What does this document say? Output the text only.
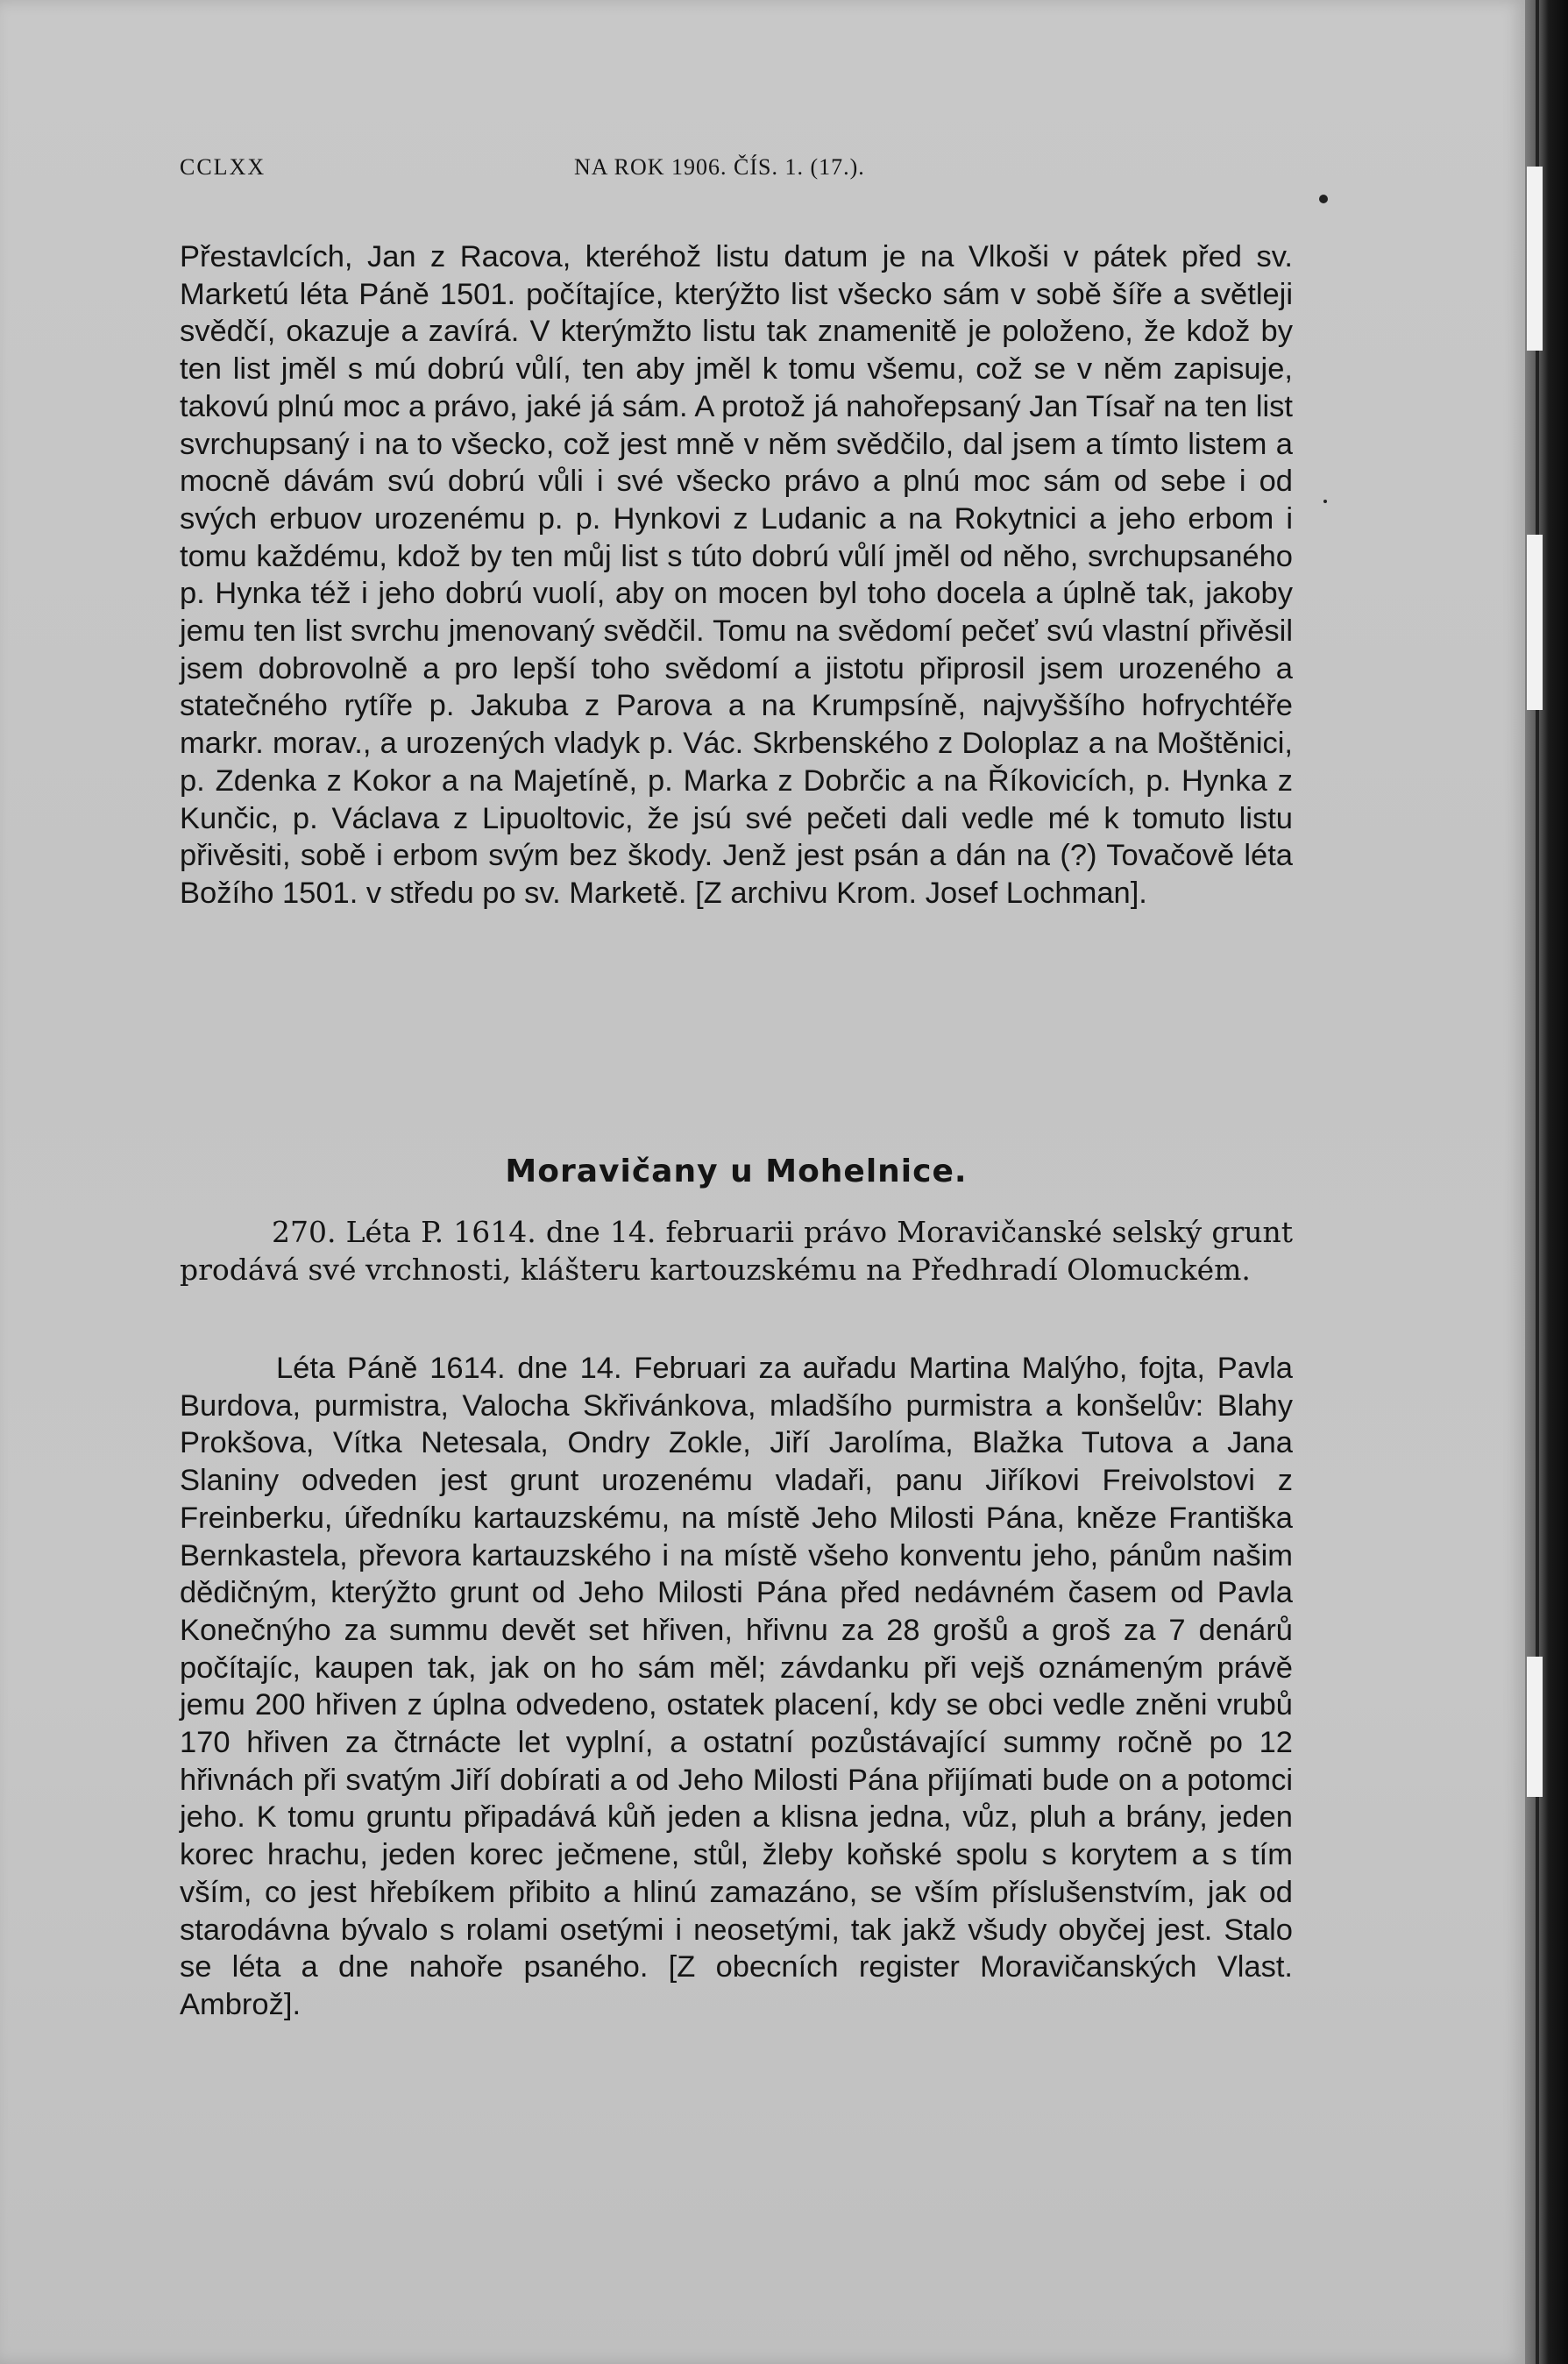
CCLXX	NA ROK 1906. ČÍS. 1. (17.).
Přestavlcích, Jan z Racova, kteréhož listu datum je na Vlkoši v pátek před sv. Marketú léta Páně 1501. počítajíce, kterýžto list všecko sám v sobě šíře a světleji svědčí, okazuje a zavírá. V kterýmžto listu tak znamenitě je položeno, že kdož by ten list jměl s mú dobrú vůlí, ten aby jměl k tomu všemu, což se v něm zapisuje, takovú plnú moc a právo, jaké já sám. A protož já nahořepsaný Jan Tísař na ten list svrchupsaný i na to všecko, což jest mně v něm svědčilo, dal jsem a tímto listem a mocně dávám svú dobrú vůli i své všecko právo a plnú moc sám od sebe i od svých erbuov urozenému p. p. Hynkovi z Ludanic a na Rokytnici a jeho erbom i tomu každému, kdož by ten můj list s túto dobrú vůlí jměl od něho, svrchupsaného p. Hynka též i jeho dobrú vuolí, aby on mocen byl toho docela a úplně tak, jakoby jemu ten list svrchu jmenovaný svědčil. Tomu na svědomí pečeť svú vlastní přivěsil jsem dobrovolně a pro lepší toho svědomí a jistotu připrosil jsem urozeného a statečného rytíře p. Jakuba z Parova a na Krumpsíně, najvyššího hofrychtéře markr. morav., a urozených vladyk p. Vác. Skrbenského z Doloplaz a na Moštěnici, p. Zdenka z Kokor a na Majetíně, p. Marka z Dobrčic a na Říkovicích, p. Hynka z Kunčic, p. Václava z Lipuoltovic, že jsú své pečeti dali vedle mé k tomuto listu přivěsiti, sobě i erbom svým bez škody. Jenž jest psán a dán na (?) Tovačově léta Božího 1501. v středu po sv. Marketě. [Z archivu Krom. Josef Lochman].
Moravičany u Mohelnice.
270. Léta P. 1614. dne 14. februarii právo Moravičanské selský grunt prodává své vrchnosti, klášteru kartouzskému na Předhradí Olomuckém.
Léta Páně 1614. dne 14. Februari za auřadu Martina Malýho, fojta, Pavla Burdova, purmistra, Valocha Skřivánkova, mladšího purmistra a konšelův: Blahy Prokšova, Vítka Netesala, Ondry Zokle, Jiří Jarolíma, Blažka Tutova a Jana Slaniny odveden jest grunt urozenému vladaři, panu Jiříkovi Freivolstovi z Freinberku, úředníku kartauzskému, na místě Jeho Milosti Pána, kněze Františka Bernkastela, převora kartauzského i na místě všeho konventu jeho, pánům našim dědičným, kterýžto grunt od Jeho Milosti Pána před nedávném časem od Pavla Konečnýho za summu devět set hřiven, hřivnu za 28 grošů a groš za 7 denárů počítajíc, kaupen tak, jak on ho sám měl; závdanku při vejš oznámeným právě jemu 200 hřiven z úplna odvedeno, ostatek placení, kdy se obci vedle zněni vrubů 170 hřiven za čtrnácte let vyplní, a ostatní pozůstávající summy ročně po 12 hřivnách při svatým Jiří dobírati a od Jeho Milosti Pána přijímati bude on a potomci jeho. K tomu gruntu připadává kůň jeden a klisna jedna, vůz, pluh a brány, jeden korec hrachu, jeden korec ječmene, stůl, žleby koňské spolu s korytem a s tím vším, co jest hřebíkem přibito a hlinú zamazáno, se vším příslušenstvím, jak od starodávna bývalo s rolami osetými i neosetými, tak jakž všudy obyčej jest. Stalo se léta a dne nahoře psaného. [Z obecních register Moravičanských Vlast. Ambrož].
